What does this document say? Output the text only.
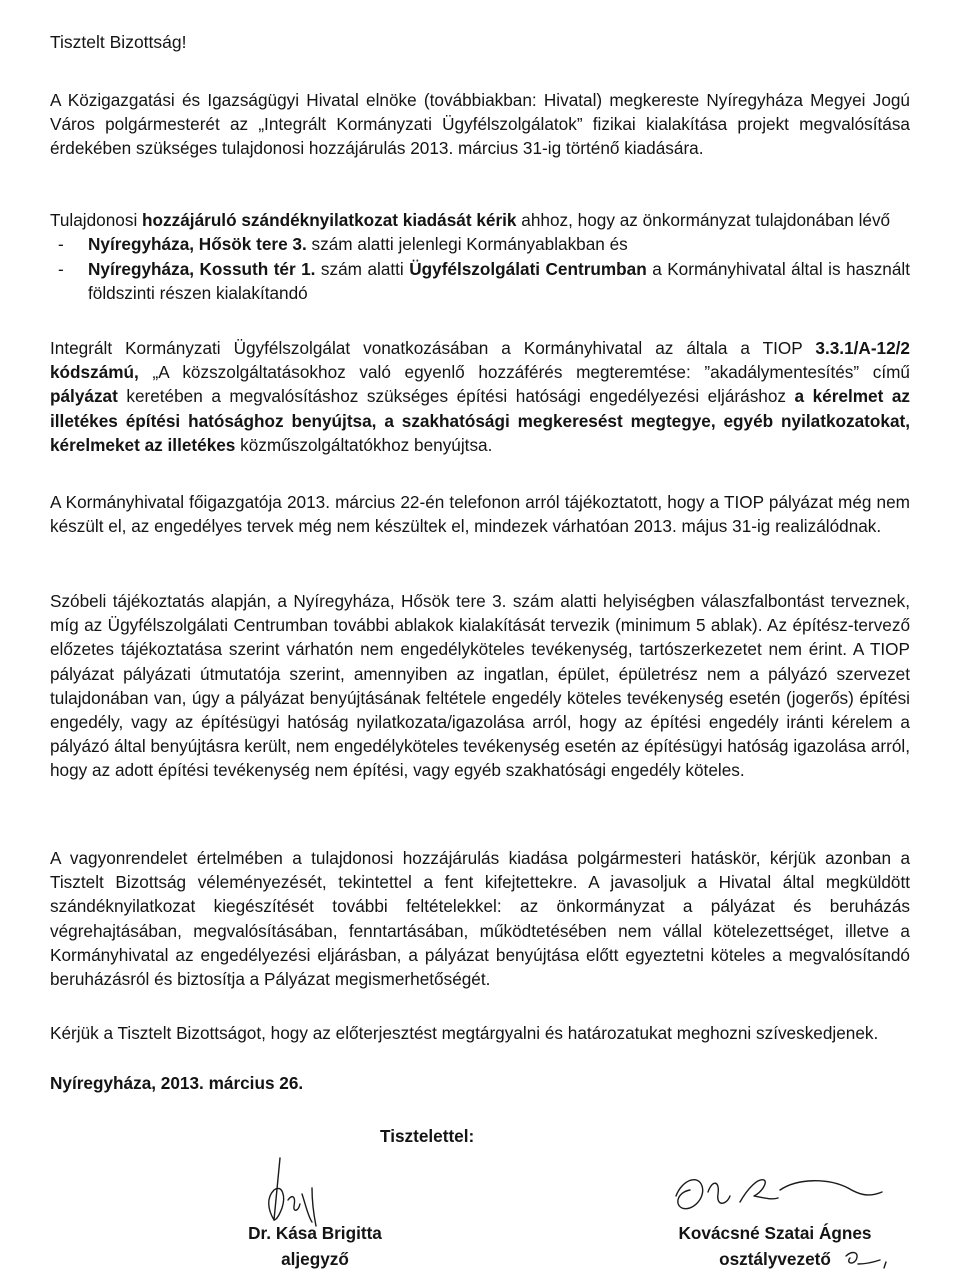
Tisztelt Bizottság!
A Közigazgatási és Igazságügyi Hivatal elnöke (továbbiakban: Hivatal) megkereste Nyíregyháza Megyei Jogú Város polgármesterét az „Integrált Kormányzati Ügyfélszolgálatok” fizikai kialakítása projekt megvalósítása érdekében szükséges tulajdonosi hozzájárulás 2013. március 31-ig történő kiadására.
Tulajdonosi hozzájáruló szándéknyilatkozat kiadását kérik ahhoz, hogy az önkormányzat tulajdonában lévő
- Nyíregyháza, Hősök tere 3. szám alatti jelenlegi Kormányablakban és
- Nyíregyháza, Kossuth tér 1. szám alatti Ügyfélszolgálati Centrumban a Kormányhivatal által is használt földszinti részen kialakítandó
Integrált Kormányzati Ügyfélszolgálat vonatkozásában a Kormányhivatal az általa a TIOP 3.3.1/A-12/2 kódszámú, „A közszolgáltatásokhoz való egyenlő hozzáférés megteremtése: ”akadálymentesítés” című pályázat keretében a megvalósításhoz szükséges építési hatósági engedélyezési eljáráshoz a kérelmet az illetékes építési hatósághoz benyújtsa, a szakhatósági megkeresést megtegye, egyéb nyilatkozatokat, kérelmeket az illetékes közműszolgáltatókhoz benyújtsa.
A Kormányhivatal főigazgatója 2013. március 22-én telefonon arról tájékoztatott, hogy a TIOP pályázat még nem készült el, az engedélyes tervek még nem készültek el, mindezek várhatóan 2013. május 31-ig realizálódnak.
Szóbeli tájékoztatás alapján, a Nyíregyháza, Hősök tere 3. szám alatti helyiségben válaszfalbontást terveznek, míg az Ügyfélszolgálati Centrumban további ablakok kialakítását tervezik (minimum 5 ablak). Az építész-tervező előzetes tájékoztatása szerint várhatón nem engedélyköteles tevékenység, tartószerkezetet nem érint. A TIOP pályázat pályázati útmutatója szerint, amennyiben az ingatlan, épület, épületrész nem a pályázó szervezet tulajdonában van, úgy a pályázat benyújtásának feltétele engedély köteles tevékenység esetén (jogerős) építési engedély, vagy az építésügyi hatóság nyilatkozata/igazolása arról, hogy az építési engedély iránti kérelem a pályázó által benyújtásra került, nem engedélyköteles tevékenység esetén az építésügyi hatóság igazolása arról, hogy az adott építési tevékenység nem építési, vagy egyéb szakhatósági engedély köteles.
A vagyonrendelet értelmében a tulajdonosi hozzájárulás kiadása polgármesteri hatáskör, kérjük azonban a Tisztelt Bizottság véleményezését, tekintettel a fent kifejtettekre. A javasoljuk a Hivatal által megküldött szándéknyilatkozat kiegészítését további feltételekkel: az önkormányzat a pályázat és beruházás végrehajtásában, megvalósításában, fenntartásában, működtetésében nem vállal kötelezettséget, illetve a Kormányhivatal az engedélyezési eljárásban, a pályázat benyújtása előtt egyeztetni köteles a megvalósítandó beruházásról és biztosítja a Pályázat megismerhetőségét.
Kérjük a Tisztelt Bizottságot, hogy az előterjesztést megtárgyalni és határozatukat meghozni szíveskedjenek.
Nyíregyháza, 2013. március 26.
Tisztelettel:
Dr. Kása Brigitta
aljegyző
Kovácsné Szatai Ágnes
osztályvezető
